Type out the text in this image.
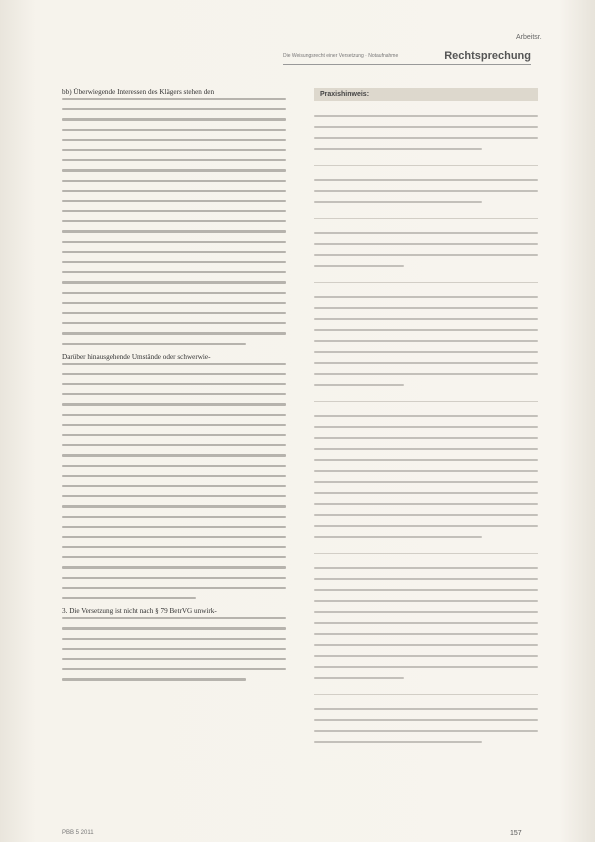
Arbeitsr.
Die Weisungsrecht einer Versetzung · Notaufnahme	Rechtsprechung
bb) Überwiegende Interessen des Klägers stehen den
Darüber hinausgehende Umstände oder schwerwie-
3. Die Versetzung ist nicht nach § 79 BetrVG unwirk-
Praxishinweis:
PBB 5 2011	157
